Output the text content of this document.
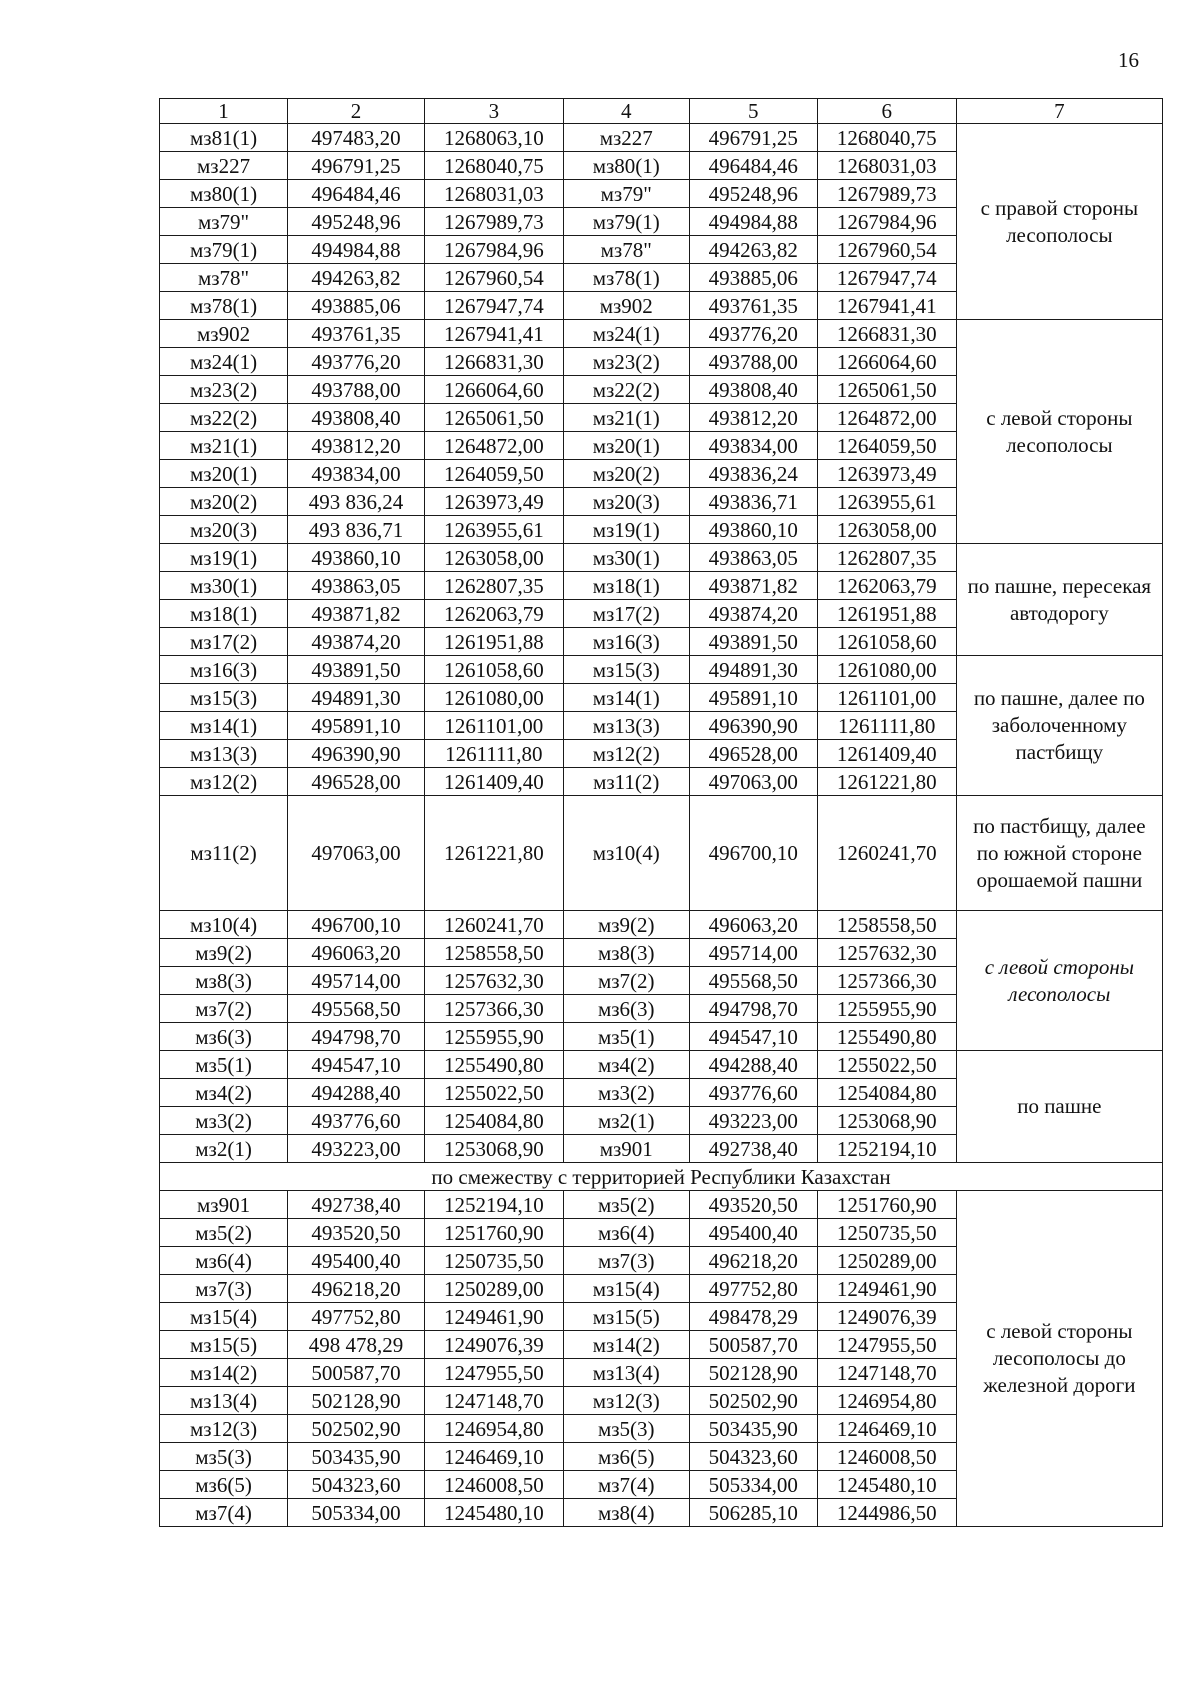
16
1	2	3	4	5	6	7
мз81(1)	497483,20	1268063,10	мз227	496791,25	1268040,75	с правой стороны лесополосы
мз227	496791,25	1268040,75	мз80(1)	496484,46	1268031,03	
мз80(1)	496484,46	1268031,03	мз79"	495248,96	1267989,73	
мз79"	495248,96	1267989,73	мз79(1)	494984,88	1267984,96	
мз79(1)	494984,88	1267984,96	мз78"	494263,82	1267960,54	
мз78"	494263,82	1267960,54	мз78(1)	493885,06	1267947,74	
мз78(1)	493885,06	1267947,74	мз902	493761,35	1267941,41	
мз902	493761,35	1267941,41	мз24(1)	493776,20	1266831,30	с левой стороны лесополосы
мз24(1)	493776,20	1266831,30	мз23(2)	493788,00	1266064,60	
мз23(2)	493788,00	1266064,60	мз22(2)	493808,40	1265061,50	
мз22(2)	493808,40	1265061,50	мз21(1)	493812,20	1264872,00	
мз21(1)	493812,20	1264872,00	мз20(1)	493834,00	1264059,50	
мз20(1)	493834,00	1264059,50	мз20(2)	493836,24	1263973,49	
мз20(2)	493 836,24	1263973,49	мз20(3)	493836,71	1263955,61	
мз20(3)	493 836,71	1263955,61	мз19(1)	493860,10	1263058,00	
мз19(1)	493860,10	1263058,00	мз30(1)	493863,05	1262807,35	по пашне, пересекая автодорогу
мз30(1)	493863,05	1262807,35	мз18(1)	493871,82	1262063,79	
мз18(1)	493871,82	1262063,79	мз17(2)	493874,20	1261951,88	
мз17(2)	493874,20	1261951,88	мз16(3)	493891,50	1261058,60	
мз16(3)	493891,50	1261058,60	мз15(3)	494891,30	1261080,00	по пашне, далее по заболоченному пастбищу
мз15(3)	494891,30	1261080,00	мз14(1)	495891,10	1261101,00	
мз14(1)	495891,10	1261101,00	мз13(3)	496390,90	1261111,80	
мз13(3)	496390,90	1261111,80	мз12(2)	496528,00	1261409,40	
мз12(2)	496528,00	1261409,40	мз11(2)	497063,00	1261221,80	
мз11(2)	497063,00	1261221,80	мз10(4)	496700,10	1260241,70	по пастбищу, далее по южной стороне орошаемой пашни
мз10(4)	496700,10	1260241,70	мз9(2)	496063,20	1258558,50	с левой стороны лесополосы
мз9(2)	496063,20	1258558,50	мз8(3)	495714,00	1257632,30	
мз8(3)	495714,00	1257632,30	мз7(2)	495568,50	1257366,30	
мз7(2)	495568,50	1257366,30	мз6(3)	494798,70	1255955,90	
мз6(3)	494798,70	1255955,90	мз5(1)	494547,10	1255490,80	
мз5(1)	494547,10	1255490,80	мз4(2)	494288,40	1255022,50	по пашне
мз4(2)	494288,40	1255022,50	мз3(2)	493776,60	1254084,80	
мз3(2)	493776,60	1254084,80	мз2(1)	493223,00	1253068,90	
мз2(1)	493223,00	1253068,90	мз901	492738,40	1252194,10	
по смежеству с территорией Республики Казахстан						
мз901	492738,40	1252194,10	мз5(2)	493520,50	1251760,90	с левой стороны лесополосы до железной дороги
мз5(2)	493520,50	1251760,90	мз6(4)	495400,40	1250735,50	
мз6(4)	495400,40	1250735,50	мз7(3)	496218,20	1250289,00	
мз7(3)	496218,20	1250289,00	мз15(4)	497752,80	1249461,90	
мз15(4)	497752,80	1249461,90	мз15(5)	498478,29	1249076,39	
мз15(5)	498 478,29	1249076,39	мз14(2)	500587,70	1247955,50	
мз14(2)	500587,70	1247955,50	мз13(4)	502128,90	1247148,70	
мз13(4)	502128,90	1247148,70	мз12(3)	502502,90	1246954,80	
мз12(3)	502502,90	1246954,80	мз5(3)	503435,90	1246469,10	
мз5(3)	503435,90	1246469,10	мз6(5)	504323,60	1246008,50	
мз6(5)	504323,60	1246008,50	мз7(4)	505334,00	1245480,10	
мз7(4)	505334,00	1245480,10	мз8(4)	506285,10	1244986,50	
